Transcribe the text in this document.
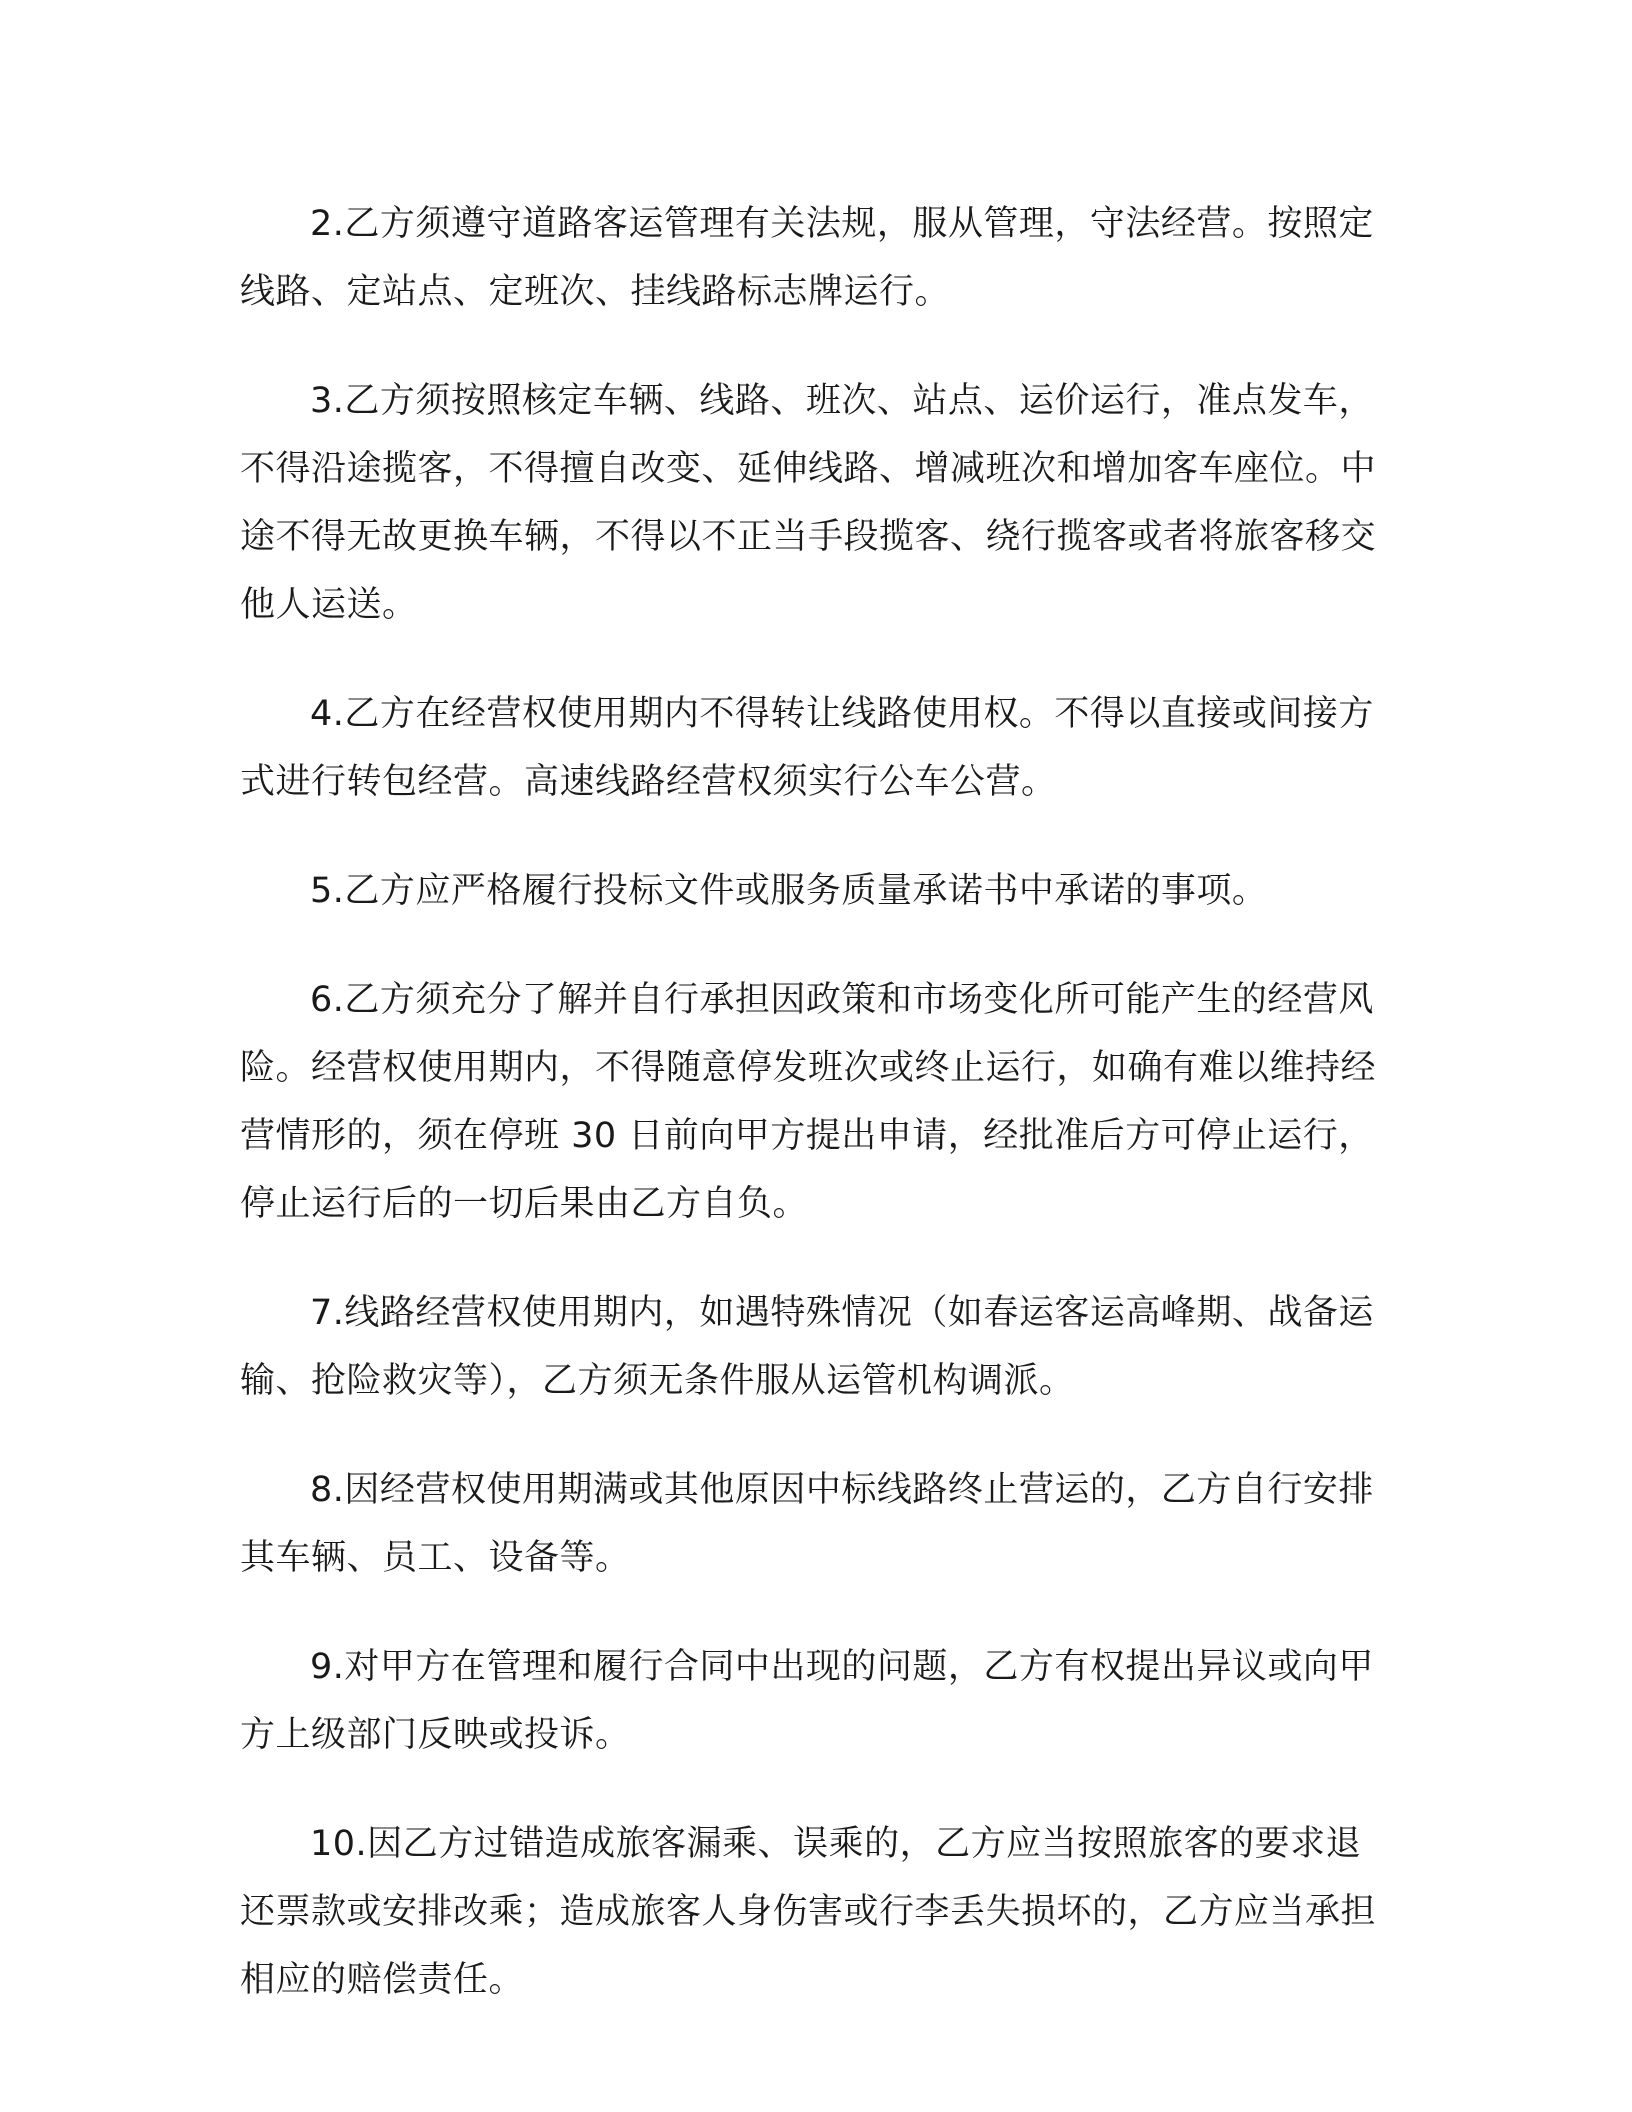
2.乙方须遵守道路客运管理有关法规，服从管理，守法经营。按照定线路、定站点、定班次、挂线路标志牌运行。

3.乙方须按照核定车辆、线路、班次、站点、运价运行，准点发车，不得沿途揽客，不得擅自改变、延伸线路、增减班次和增加客车座位。中途不得无故更换车辆，不得以不正当手段揽客、绕行揽客或者将旅客移交他人运送。

4.乙方在经营权使用期内不得转让线路使用权。不得以直接或间接方式进行转包经营。高速线路经营权须实行公车公营。

5.乙方应严格履行投标文件或服务质量承诺书中承诺的事项。

6.乙方须充分了解并自行承担因政策和市场变化所可能产生的经营风险。经营权使用期内，不得随意停发班次或终止运行，如确有难以维持经营情形的，须在停班 30 日前向甲方提出申请，经批准后方可停止运行，停止运行后的一切后果由乙方自负。

7.线路经营权使用期内，如遇特殊情况（如春运客运高峰期、战备运输、抢险救灾等），乙方须无条件服从运管机构调派。

8.因经营权使用期满或其他原因中标线路终止营运的，乙方自行安排其车辆、员工、设备等。

9.对甲方在管理和履行合同中出现的问题，乙方有权提出异议或向甲方上级部门反映或投诉。

10.因乙方过错造成旅客漏乘、误乘的，乙方应当按照旅客的要求退还票款或安排改乘；造成旅客人身伤害或行李丢失损坏的，乙方应当承担相应的赔偿责任。
